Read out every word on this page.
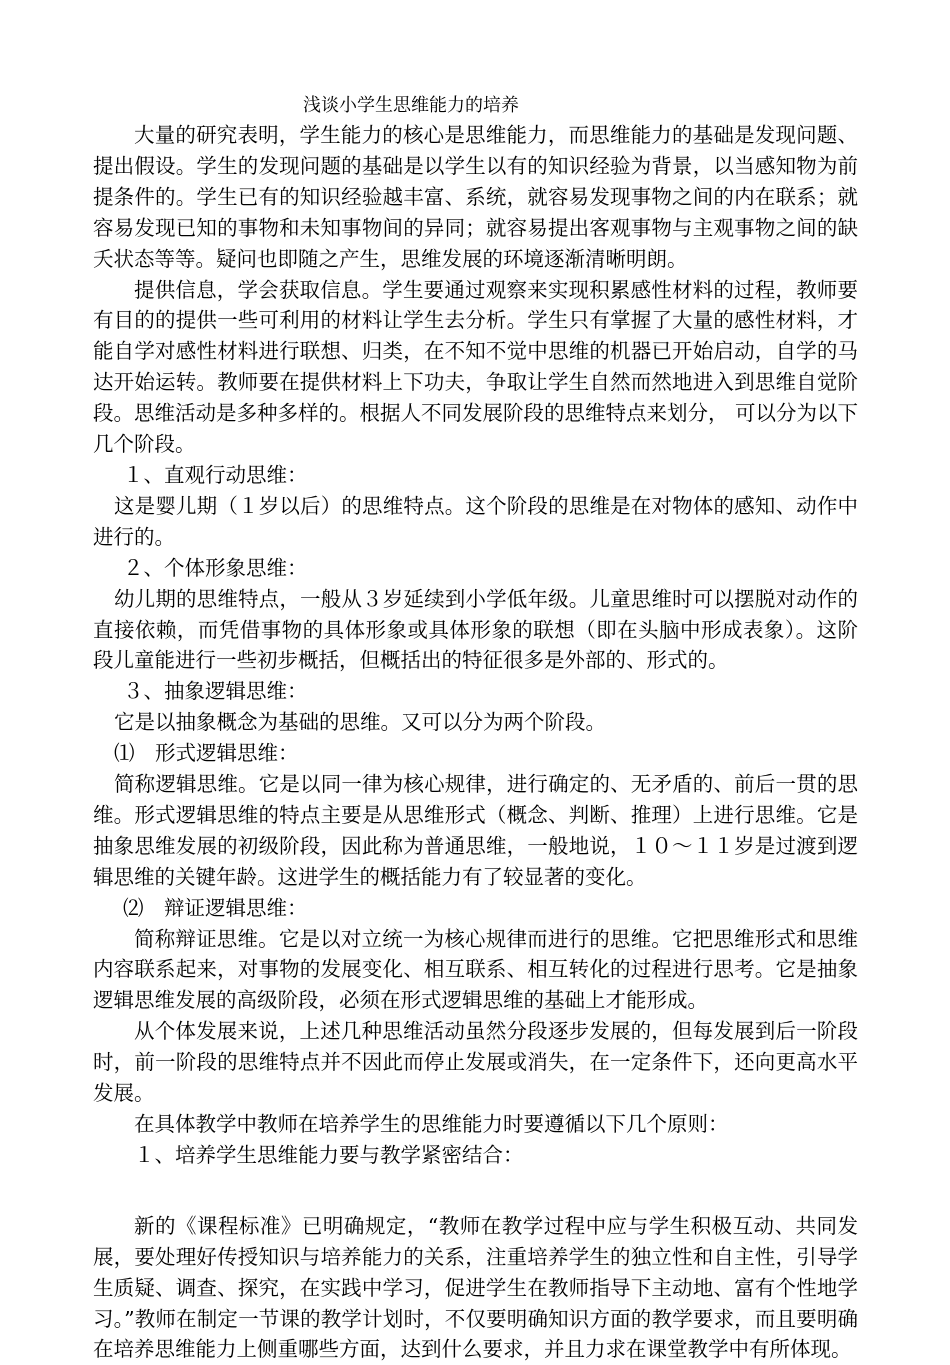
浅谈小学生思维能力的培养

大量的研究表明，学生能力的核心是思维能力，而思维能力的基础是发现问题、提出假设。学生的发现问题的基础是以学生以有的知识经验为背景，以当感知物为前提条件的。学生已有的知识经验越丰富、系统，就容易发现事物之间的内在联系；就容易发现已知的事物和未知事物间的异同；就容易提出客观事物与主观事物之间的缺夭状态等等。疑问也即随之产生，思维发展的环境逐渐清晰明朗。

提供信息，学会获取信息。学生要通过观察来实现积累感性材料的过程，教师要有目的的提供一些可利用的材料让学生去分析。学生只有掌握了大量的感性材料，才能自学对感性材料进行联想、归类，在不知不觉中思维的机器已开始启动，自学的马达开始运转。教师要在提供材料上下功夫，争取让学生自然而然地进入到思维自觉阶段。思维活动是多种多样的。根据人不同发展阶段的思维特点来划分， 可以分为以下几个阶段。

１、直观行动思维：

这是婴儿期（１岁以后）的思维特点。这个阶段的思维是在对物体的感知、动作中进行的。

２、个体形象思维：

幼儿期的思维特点，一般从３岁延续到小学低年级。儿童思维时可以摆脱对动作的直接依赖，而凭借事物的具体形象或具体形象的联想（即在头脑中形成表象）。这阶段儿童能进行一些初步概括，但概括出的特征很多是外部的、形式的。

３、抽象逻辑思维：

它是以抽象概念为基础的思维。又可以分为两个阶段。

⑴　形式逻辑思维：

简称逻辑思维。它是以同一律为核心规律，进行确定的、无矛盾的、前后一贯的思维。形式逻辑思维的特点主要是从思维形式（概念、判断、推理）上进行思维。它是抽象思维发展的初级阶段，因此称为普通思维，一般地说，１０～１１岁是过渡到逻辑思维的关键年龄。这进学生的概括能力有了较显著的变化。

⑵　辩证逻辑思维：

简称辩证思维。它是以对立统一为核心规律而进行的思维。它把思维形式和思维内容联系起来，对事物的发展变化、相互联系、相互转化的过程进行思考。它是抽象逻辑思维发展的高级阶段，必须在形式逻辑思维的基础上才能形成。

从个体发展来说，上述几种思维活动虽然分段逐步发展的，但每发展到后一阶段时，前一阶段的思维特点并不因此而停止发展或消失，在一定条件下，还向更高水平发展。

在具体教学中教师在培养学生的思维能力时要遵循以下几个原则：

１、培养学生思维能力要与教学紧密结合：

新的《课程标准》已明确规定，“教师在教学过程中应与学生积极互动、共同发展，要处理好传授知识与培养能力的关系，注重培养学生的独立性和自主性，引导学生质疑、调查、探究，在实践中学习，促进学生在教师指导下主动地、富有个性地学习。”教师在制定一节课的教学计划时，不仅要明确知识方面的教学要求，而且要明确在培养思维能力上侧重哪些方面，达到什么要求，并且力求在课堂教学中有所体现。
